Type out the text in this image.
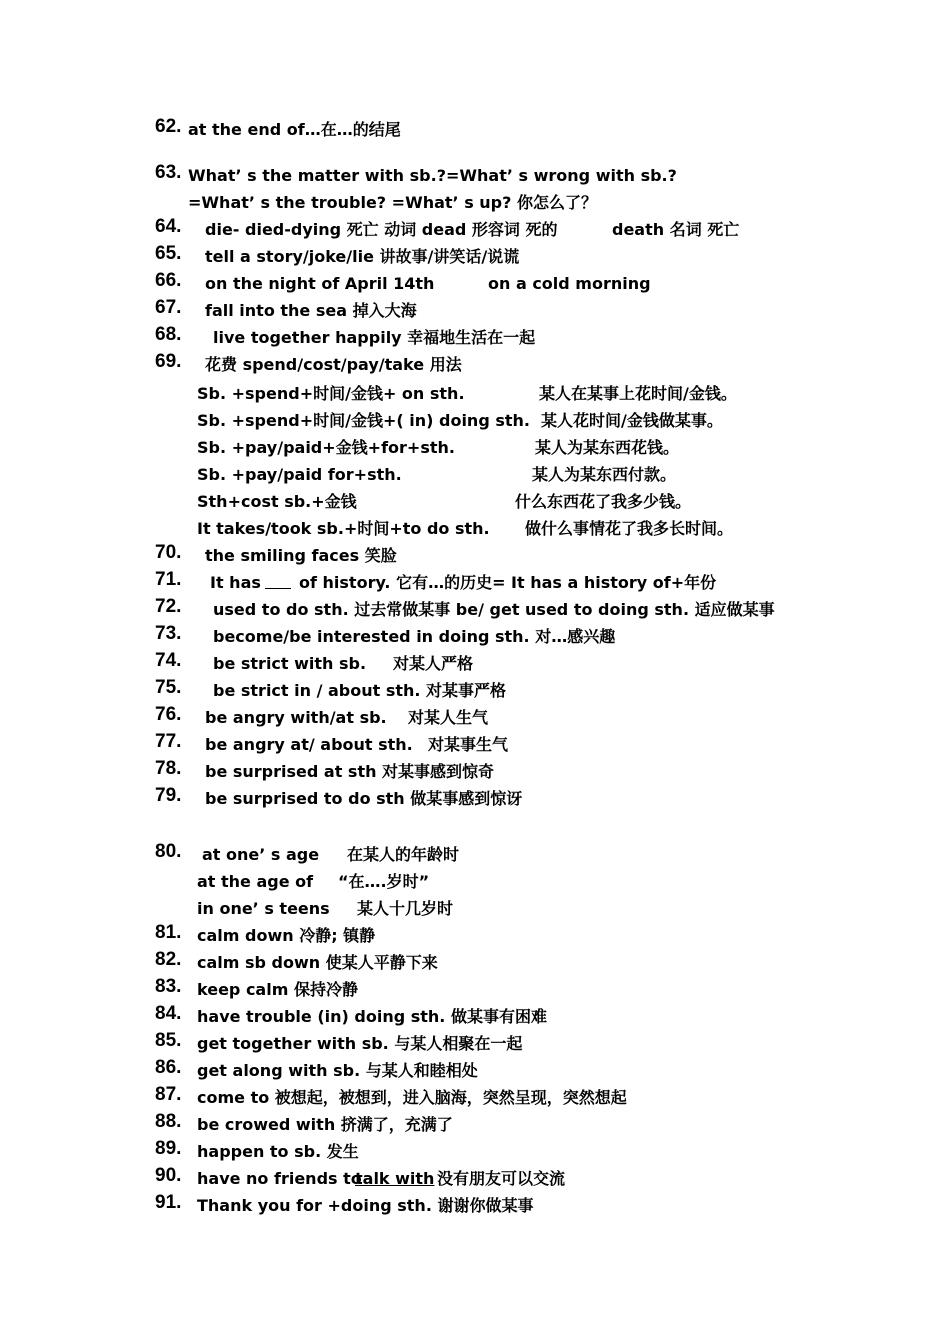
62. at the end of…在…的结尾
63. What’ s the matter with sb.?=What’ s wrong with sb.?
=What’ s the trouble? =What’ s up? 你怎么了？
64. die- died-dying 死亡 动词 dead 形容词 死的	death 名词 死亡
65. tell a story/joke/lie 讲故事/讲笑话/说谎
66. on the night of April 14th	on a cold morning
67. fall into the sea 掉入大海
68. live together happily 幸福地生活在一起
69. 花费 spend/cost/pay/take 用法
Sb. +spend+时间/金钱+ on sth.	某人在某事上花时间/金钱。
Sb. +spend+时间/金钱+( in) doing sth. 某人花时间/金钱做某事。
Sb. +pay/paid+金钱+for+sth.	某人为某东西花钱。
Sb. +pay/paid for+sth.	某人为某东西付款。
Sth+cost sb.+金钱	什么东西花了我多少钱。
It takes/took sb.+时间+to do sth. 做什么事情花了我多长时间。
70. the smiling faces 笑脸
71. It has of history. 它有…的历史= It has a history of+年份
72. used to do sth. 过去常做某事 be/ get used to doing sth. 适应做某事
73. become/be interested in doing sth. 对…感兴趣
74. be strict with sb. 对某人严格
75. be strict in / about sth. 对某事严格
76. be angry with/at sb. 对某人生气
77. be angry at/ about sth. 对某事生气
78. be surprised at sth 对某事感到惊奇
79. be surprised to do sth 做某事感到惊讶
80. at one’ s age 在某人的年龄时
at the age of “在….岁时”
in one’ s teens 某人十几岁时
81. calm down 冷静; 镇静
82. calm sb down 使某人平静下来
83. keep calm 保持冷静
84. have trouble (in) doing sth. 做某事有困难
85. get together with sb. 与某人相聚在一起
86. get along with sb. 与某人和睦相处
87. come to 被想起，被想到，进入脑海，突然呈现，突然想起
88. be crowed with 挤满了，充满了
89. happen to sb. 发生
90. have no friends to
talk with 没有朋友可以交流
91. Thank you for +doing sth. 谢谢你做某事
